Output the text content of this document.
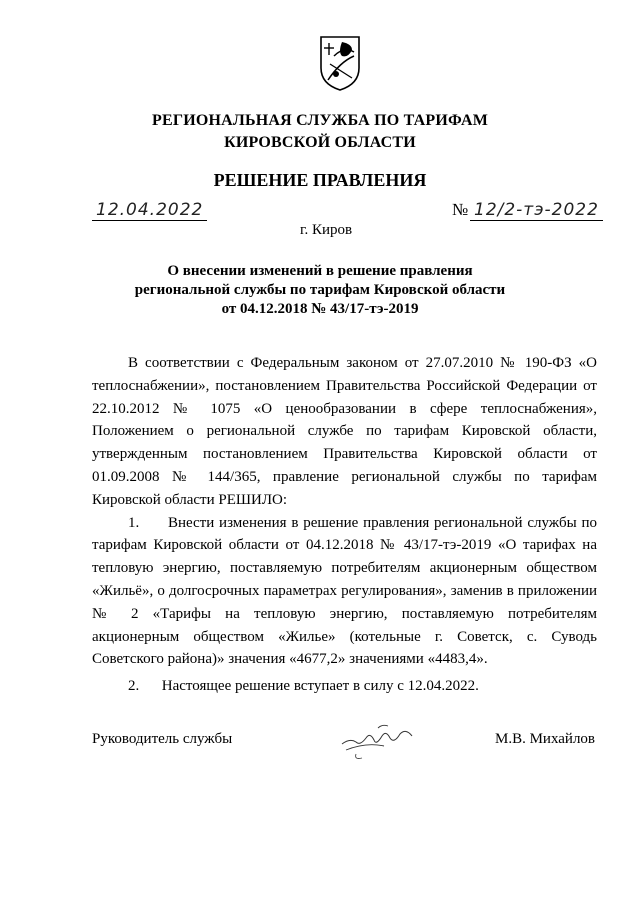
РЕГИОНАЛЬНАЯ СЛУЖБА ПО ТАРИФАМ
КИРОВСКОЙ ОБЛАСТИ
РЕШЕНИЕ ПРАВЛЕНИЯ
12.04.2022	№ 12/2-тэ-2022
г. Киров
О внесении изменений в решение правления
региональной службы по тарифам Кировской области
от 04.12.2018 № 43/17-тэ-2019

В соответствии с Федеральным законом от 27.07.2010 № 190-ФЗ «О теплоснабжении», постановлением Правительства Российской Федерации от 22.10.2012 № 1075 «О ценообразовании в сфере теплоснабжения», Положением о региональной службе по тарифам Кировской области, утвержденным постановлением Правительства Кировской области от 01.09.2008 № 144/365, правление региональной службы по тарифам Кировской области РЕШИЛО:

1.      Внести изменения в решение правления региональной службы по тарифам Кировской области от 04.12.2018 № 43/17-тэ-2019 «О тарифах на тепловую энергию, поставляемую потребителям акционерным обществом «Жильё», о долгосрочных параметрах регулирования», заменив в приложении № 2 «Тарифы на тепловую энергию, поставляемую потребителям акционерным обществом «Жилье» (котельные г. Советск, с. Суводь Советского района)» значения «4677,2» значениями «4483,4».

2.      Настоящее решение вступает в силу с 12.04.2022.

Руководитель службы	М.В. Михайлов
